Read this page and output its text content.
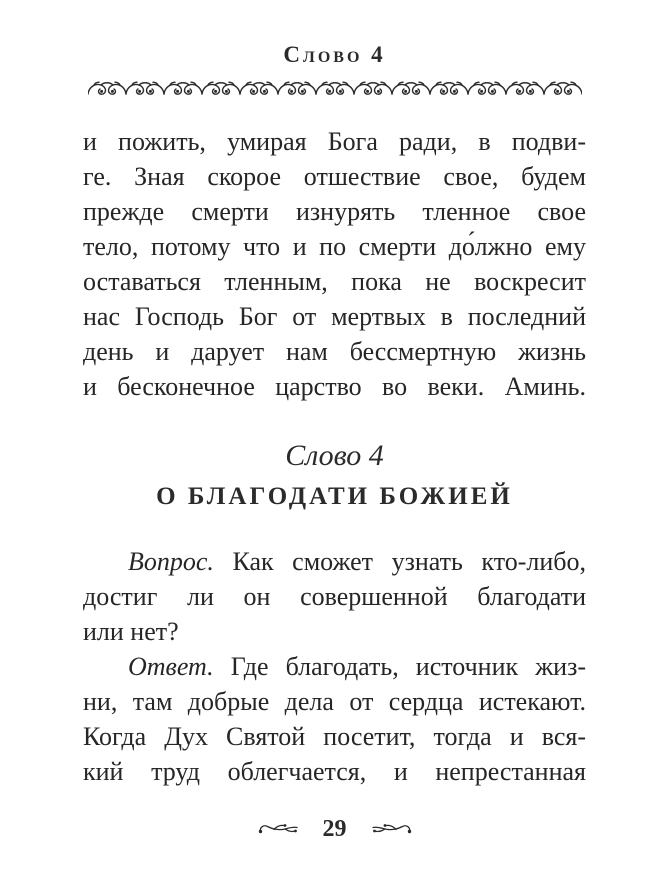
Слово 4
и пожить, умирая Бога ради, в подви-
ге. Зная скорое отшествие свое, будем
прежде смерти изнурять тленное свое
тело, потому что и по смерти до́лжно ему
оставаться тленным, пока не воскресит
нас Господь Бог от мертвых в последний
день и дарует нам бессмертную жизнь
и бесконечное царство во веки. Аминь.
Слово 4
О БЛАГОДАТИ БОЖИЕЙ
Вопрос. Как сможет узнать кто-либо,
достиг ли он совершенной благодати
или нет?
Ответ. Где благодать, источник жиз-
ни, там добрые дела от сердца истекают.
Когда Дух Святой посетит, тогда и вся-
кий труд облегчается, и непрестанная
29
